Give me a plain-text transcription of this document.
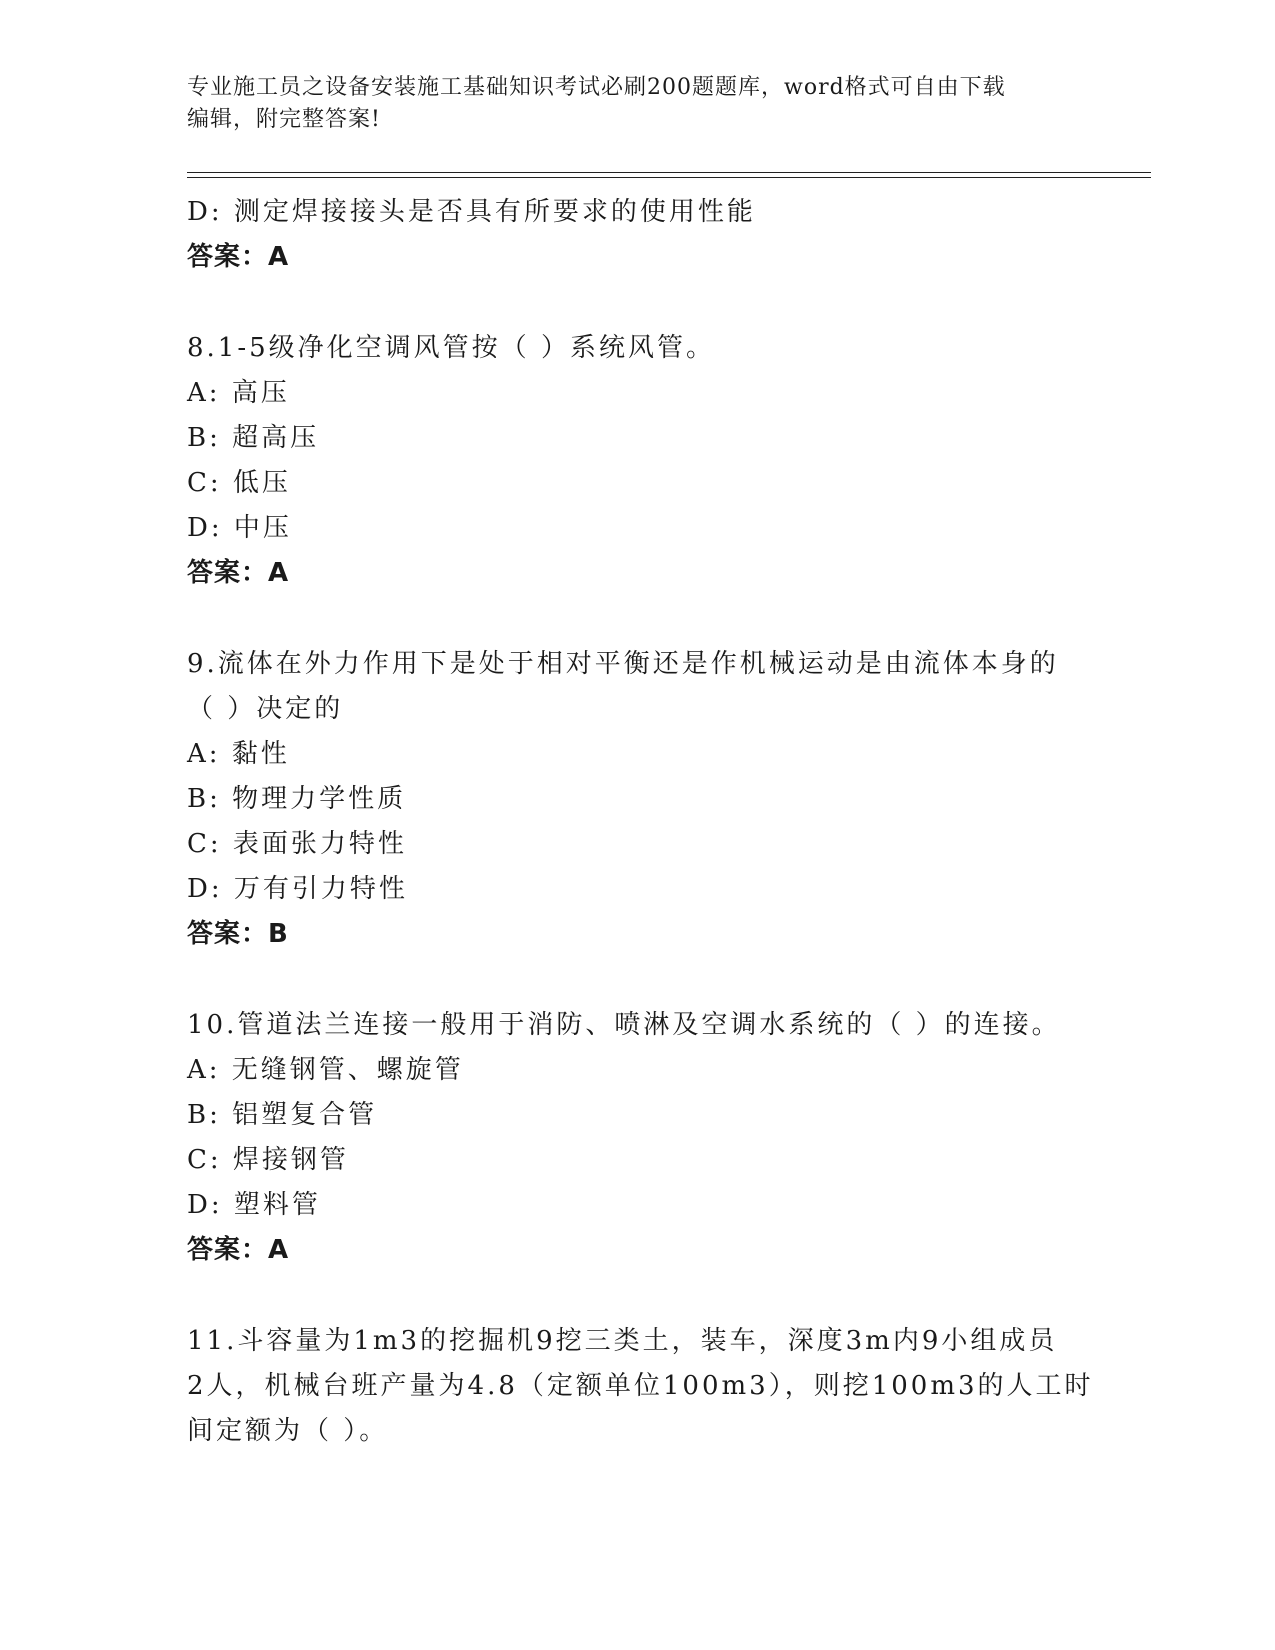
专业施工员之设备安装施工基础知识考试必刷200题题库，word格式可自由下载
编辑，附完整答案!
D: 测定焊接接头是否具有所要求的使用性能
答案：A
8.1-5级净化空调风管按（ ）系统风管。
A: 高压
B: 超高压
C: 低压
D: 中压
答案：A
9.流体在外力作用下是处于相对平衡还是作机械运动是由流体本身的
（ ）决定的
A: 黏性
B: 物理力学性质
C: 表面张力特性
D: 万有引力特性
答案：B
10.管道法兰连接一般用于消防、喷淋及空调水系统的（ ）的连接。
A: 无缝钢管、螺旋管
B: 铝塑复合管
C: 焊接钢管
D: 塑料管
答案：A
11.斗容量为1m3的挖掘机9挖三类土，装车，深度3m内9小组成员
2人，机械台班产量为4.8（定额单位100m3），则挖100m3的人工时
间定额为（ ）。
